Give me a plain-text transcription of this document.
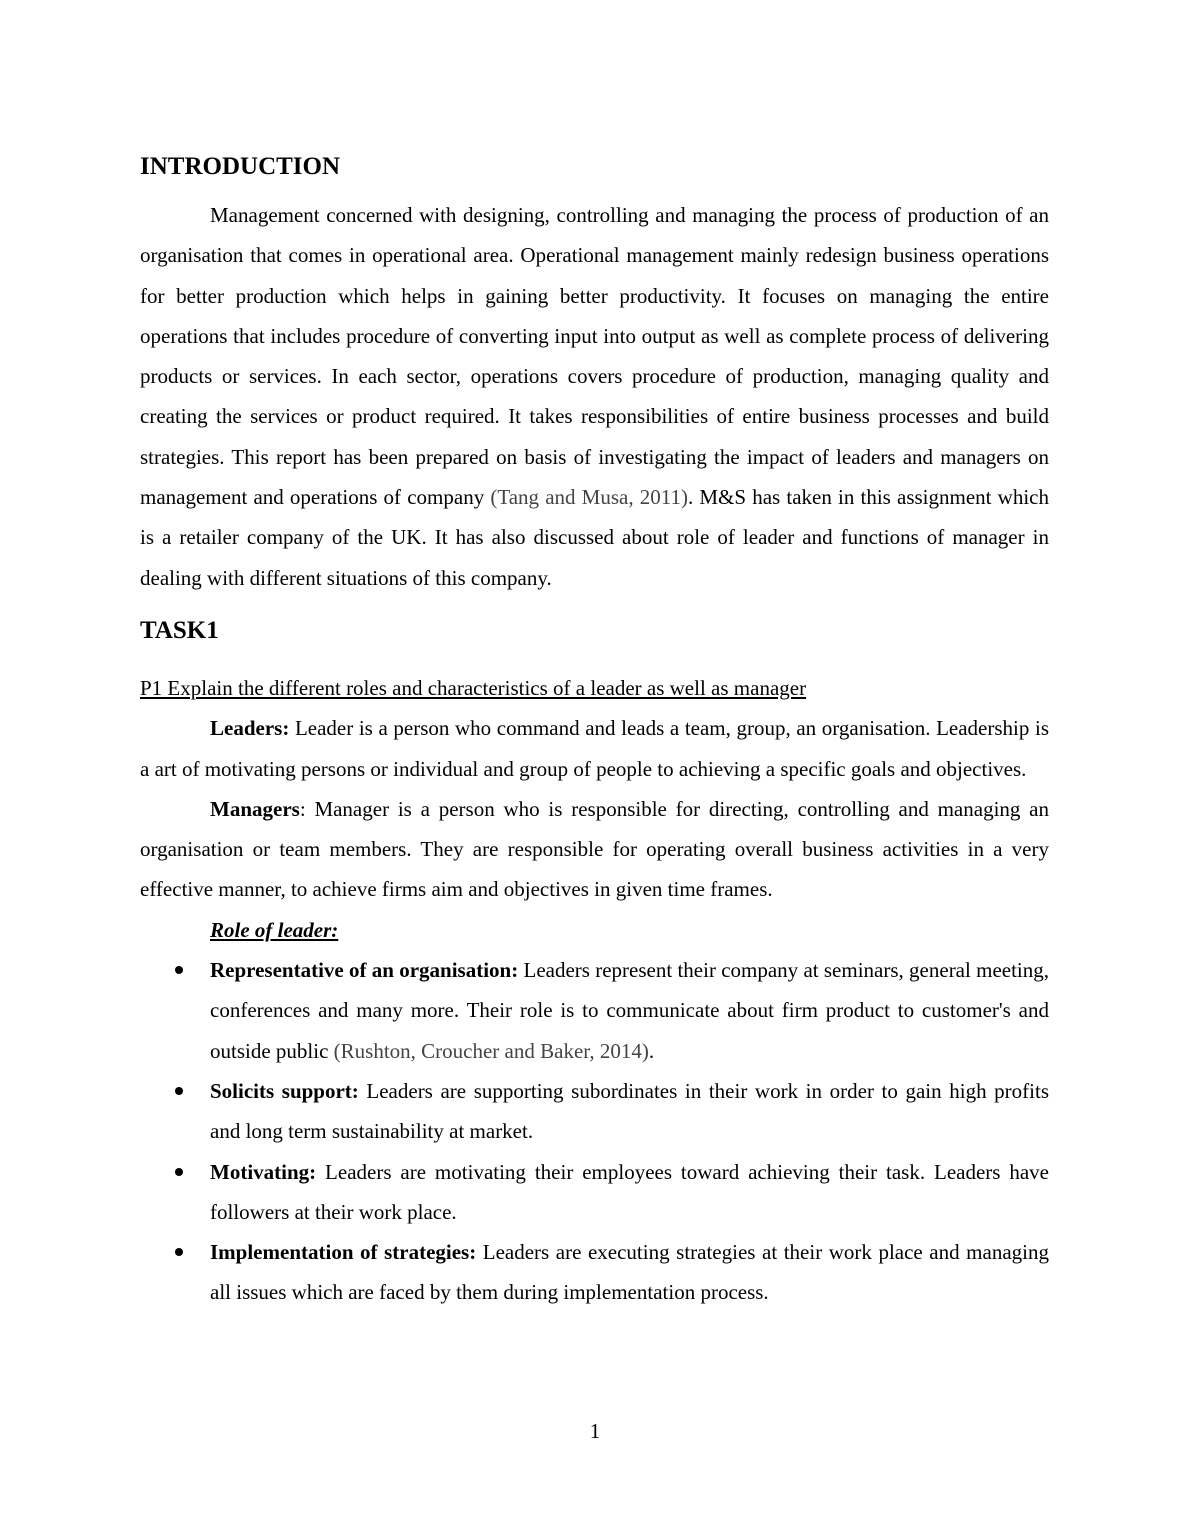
INTRODUCTION

Management concerned with designing, controlling and managing the process of production of an organisation that comes in operational area. Operational management mainly redesign business operations for better production which helps in gaining better productivity. It focuses on managing the entire operations that includes procedure of converting input into output as well as complete process of delivering products or services. In each sector, operations covers procedure of production, managing quality and creating the services or product required. It takes responsibilities of entire business processes and build strategies. This report has been prepared on basis of investigating the impact of leaders and managers on management and operations of company (Tang and Musa, 2011). M&S has taken in this assignment which is a retailer company of the UK. It has also discussed about role of leader and functions of manager in dealing with different situations of this company.

TASK1

P1 Explain the different roles and characteristics of a leader as well as manager

Leaders: Leader is a person who command and leads a team, group, an organisation. Leadership is a art of motivating persons or individual and group of people to achieving a specific goals and objectives.

Managers: Manager is a person who is responsible for directing, controlling and managing an organisation or team members. They are responsible for operating overall business activities in a very effective manner, to achieve firms aim and objectives in given time frames.

Role of leader:

Representative of an organisation: Leaders represent their company at seminars, general meeting, conferences and many more. Their role is to communicate about firm product to customer's and outside public (Rushton, Croucher and Baker, 2014).
Solicits support: Leaders are supporting subordinates in their work in order to gain high profits and long term sustainability at market.
Motivating: Leaders are motivating their employees toward achieving their task. Leaders have   followers at their work place.
Implementation of strategies: Leaders are executing strategies at their work place and managing all issues which are faced by them during implementation process.
1
